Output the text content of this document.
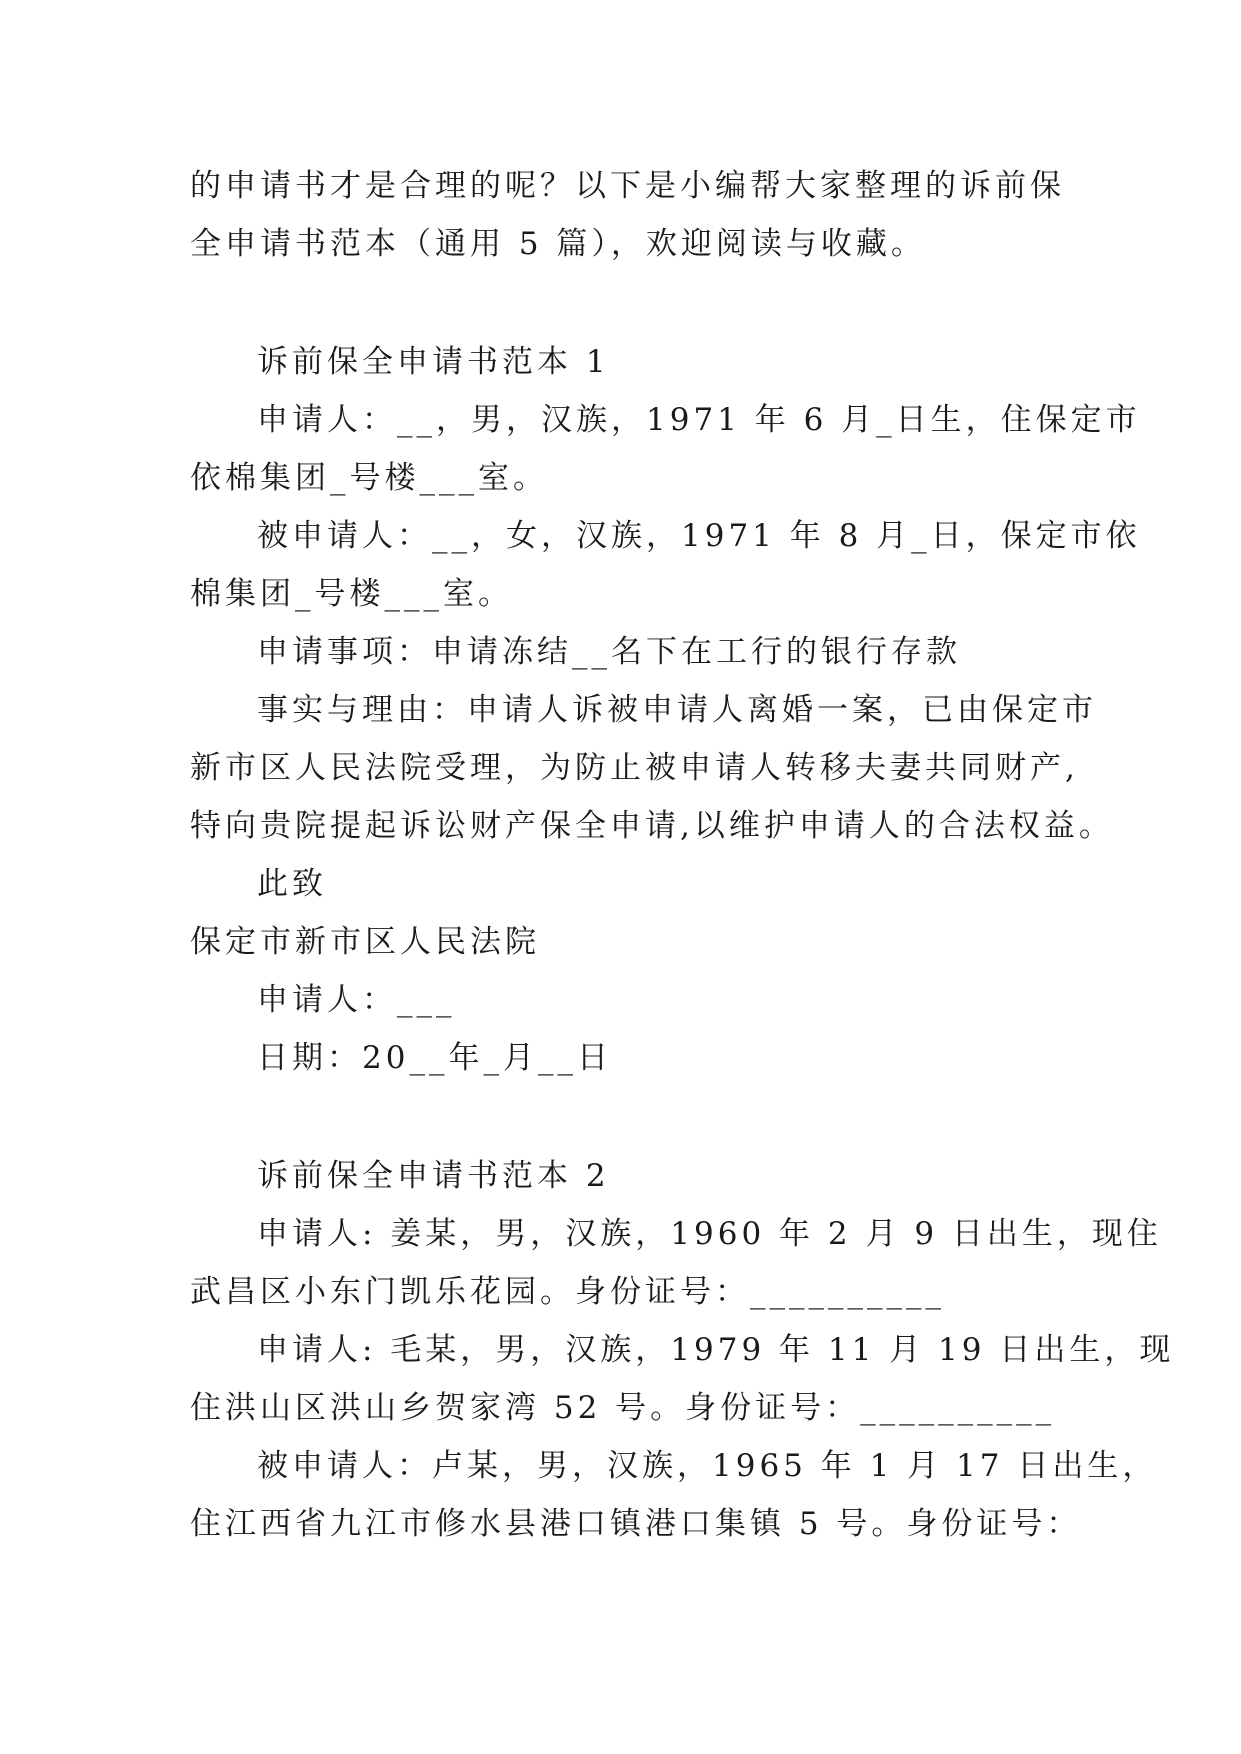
的申请书才是合理的呢？以下是小编帮大家整理的诉前保
全申请书范本（通用 5 篇），欢迎阅读与收藏。
诉前保全申请书范本 1
申请人：__，男，汉族，1971 年 6 月_日生，住保定市
依棉集团_号楼___室。
被申请人：__，女，汉族，1971 年 8 月_日，保定市依
棉集团_号楼___室。
申请事项：申请冻结__名下在工行的银行存款
事实与理由：申请人诉被申请人离婚一案，已由保定市
新市区人民法院受理，为防止被申请人转移夫妻共同财产,
特向贵院提起诉讼财产保全申请,以维护申请人的合法权益。
此致
保定市新市区人民法院
申请人：___
日期：20__年_月__日
诉前保全申请书范本 2
申请人: 姜某，男，汉族，1960 年 2 月 9 日出生，现住
武昌区小东门凯乐花园。身份证号：__________
申请人: 毛某，男，汉族，1979 年 11 月 19 日出生，现
住洪山区洪山乡贺家湾 52 号。身份证号：__________
被申请人：卢某，男，汉族，1965 年 1 月 17 日出生，
住江西省九江市修水县港口镇港口集镇 5 号。身份证号：
